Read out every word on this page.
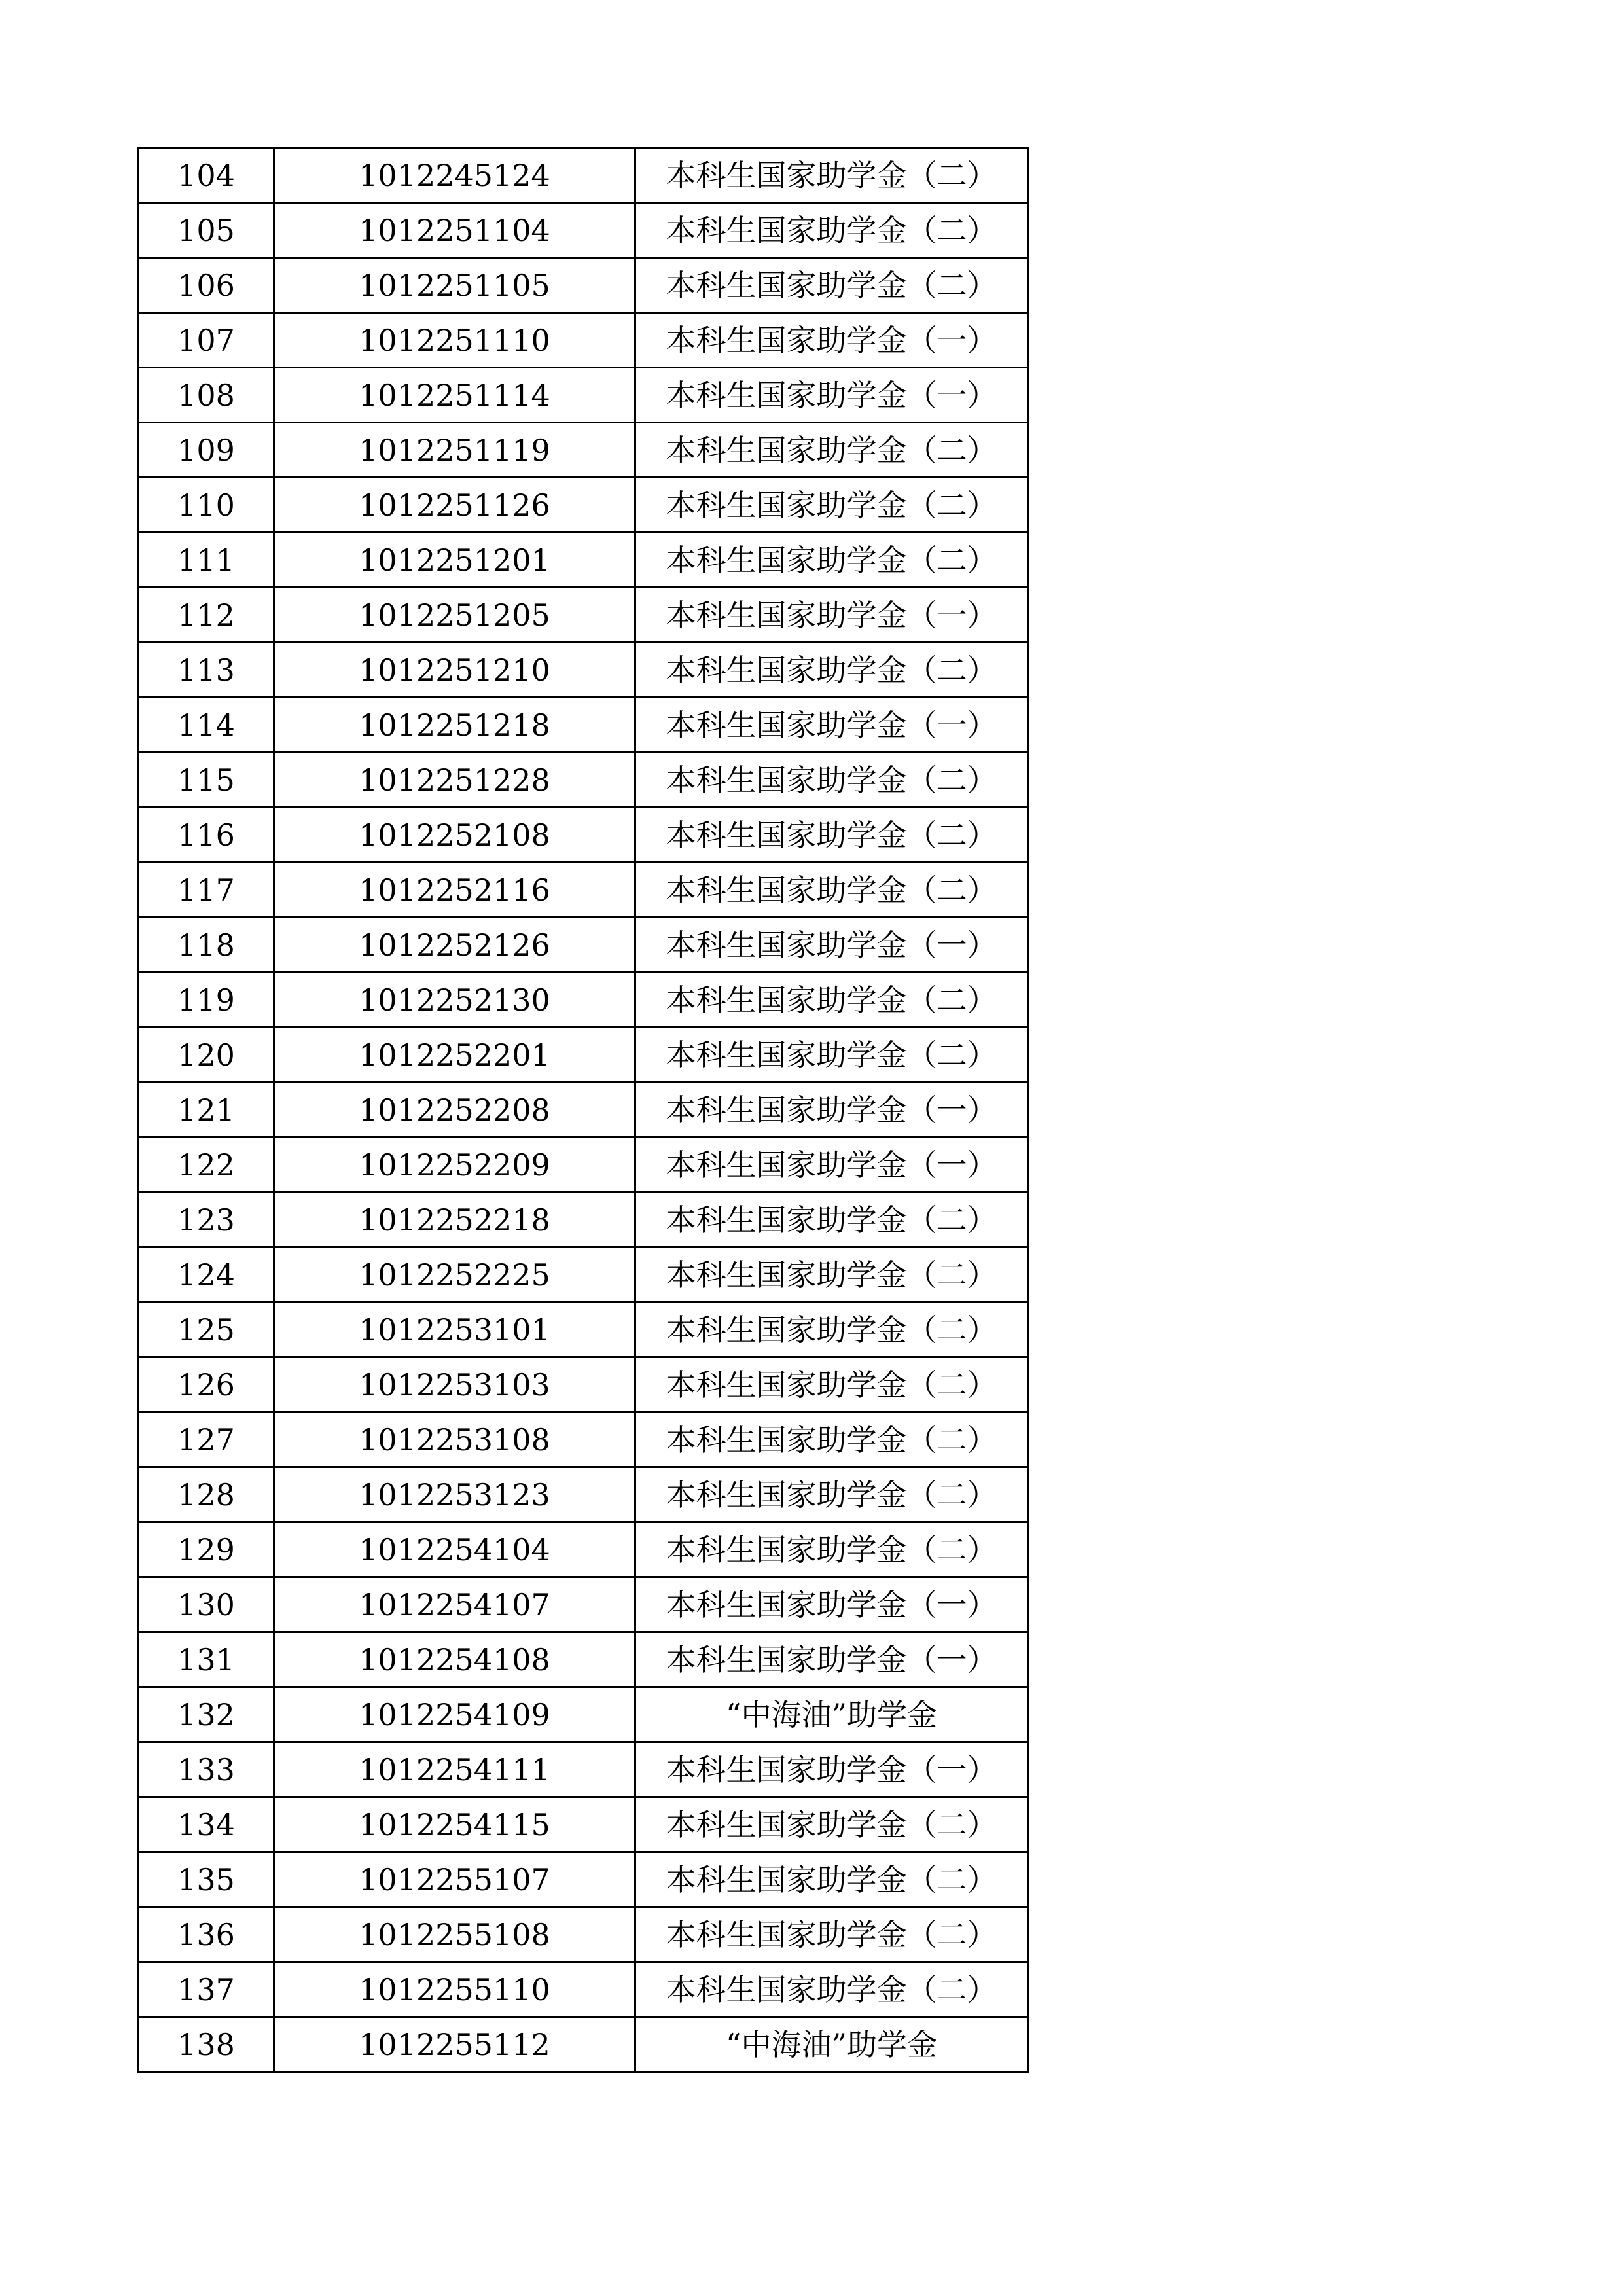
104	1012245124	本科生国家助学金（二）
105	1012251104	本科生国家助学金（二）
106	1012251105	本科生国家助学金（二）
107	1012251110	本科生国家助学金（一）
108	1012251114	本科生国家助学金（一）
109	1012251119	本科生国家助学金（二）
110	1012251126	本科生国家助学金（二）
111	1012251201	本科生国家助学金（二）
112	1012251205	本科生国家助学金（一）
113	1012251210	本科生国家助学金（二）
114	1012251218	本科生国家助学金（一）
115	1012251228	本科生国家助学金（二）
116	1012252108	本科生国家助学金（二）
117	1012252116	本科生国家助学金（二）
118	1012252126	本科生国家助学金（一）
119	1012252130	本科生国家助学金（二）
120	1012252201	本科生国家助学金（二）
121	1012252208	本科生国家助学金（一）
122	1012252209	本科生国家助学金（一）
123	1012252218	本科生国家助学金（二）
124	1012252225	本科生国家助学金（二）
125	1012253101	本科生国家助学金（二）
126	1012253103	本科生国家助学金（二）
127	1012253108	本科生国家助学金（二）
128	1012253123	本科生国家助学金（二）
129	1012254104	本科生国家助学金（二）
130	1012254107	本科生国家助学金（一）
131	1012254108	本科生国家助学金（一）
132	1012254109	“中海油”助学金
133	1012254111	本科生国家助学金（一）
134	1012254115	本科生国家助学金（二）
135	1012255107	本科生国家助学金（二）
136	1012255108	本科生国家助学金（二）
137	1012255110	本科生国家助学金（二）
138	1012255112	“中海油”助学金
